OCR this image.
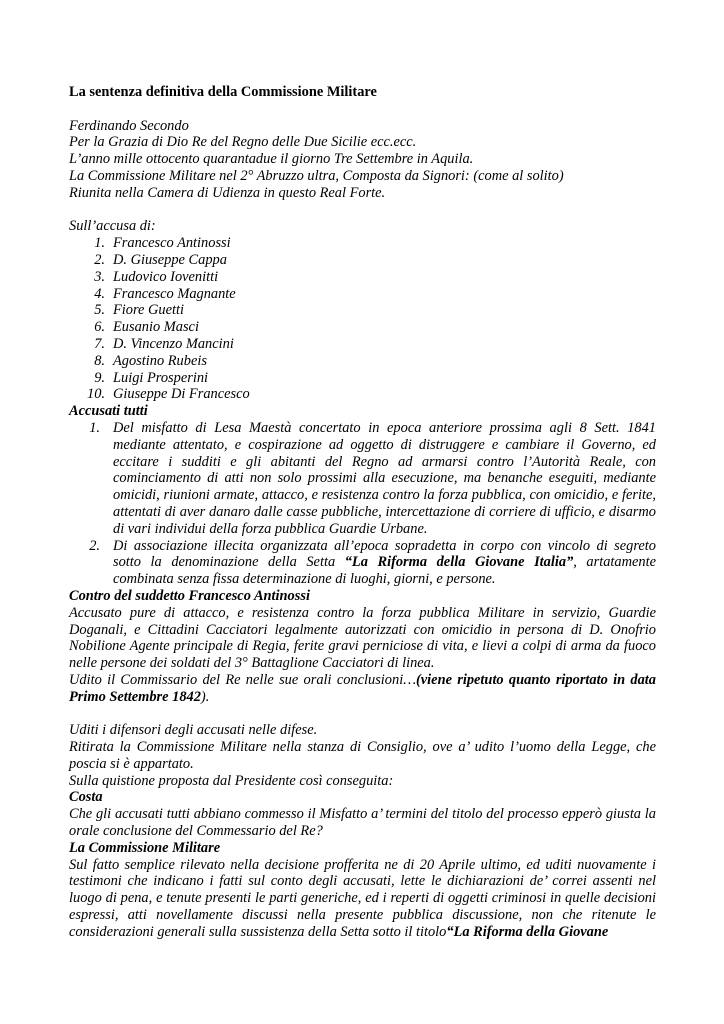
La sentenza definitiva della Commissione Militare

Ferdinando Secondo

Per la Grazia di Dio Re del Regno delle Due Sicilie ecc.ecc.

L’anno mille ottocento quarantadue il giorno Tre Settembre in Aquila.

La Commissione Militare nel 2° Abruzzo ultra, Composta da Signori: (come al solito)

Riunita nella Camera di Udienza in questo Real Forte.

Sull’accusa di:

1. Francesco Antinossi
2. D. Giuseppe Cappa
3. Ludovico Iovenitti
4. Francesco Magnante
5. Fiore Guetti
6. Eusanio Masci
7. D. Vincenzo Mancini
8. Agostino Rubeis
9. Luigi Prosperini
10. Giuseppe Di Francesco

Accusati tutti

1. Del misfatto di Lesa Maestà concertato in epoca anteriore prossima agli 8 Sett. 1841 mediante attentato, e cospirazione ad oggetto di distruggere e cambiare il Governo, ed eccitare i sudditi e gli abitanti del Regno ad armarsi contro l’Autorità Reale, con cominciamento di atti non solo prossimi alla esecuzione, ma benanche eseguiti, mediante omicidi, riunioni armate, attacco, e resistenza contro la forza pubblica, con omicidio, e ferite, attentati di aver danaro dalle casse pubbliche, intercettazione di corriere di ufficio, e disarmo di vari individui della forza pubblica Guardie Urbane.
2. Di associazione illecita organizzata all’epoca sopradetta in corpo con vincolo di segreto sotto la denominazione della Setta “La Riforma della Giovane Italia”, artatamente combinata senza fissa determinazione di luoghi, giorni, e persone.

Contro del suddetto Francesco Antinossi

Accusato pure di attacco, e resistenza contro la forza pubblica Militare in servizio, Guardie Doganali, e Cittadini Cacciatori legalmente autorizzati con omicidio in persona di D. Onofrio Nobilione Agente principale di Regia, ferite gravi perniciose di vita, e lievi a colpi di arma da fuoco nelle persone dei soldati del 3° Battaglione Cacciatori di linea.

Udito il Commissario del Re nelle sue orali conclusioni…(viene ripetuto quanto riportato in data Primo Settembre 1842).

Uditi i difensori degli accusati nelle difese.

Ritirata la Commissione Militare nella stanza di Consiglio, ove a’ udito l’uomo della Legge, che poscia si è appartato.

Sulla quistione proposta dal Presidente così conseguita:

Costa

Che gli accusati tutti abbiano commesso il Misfatto a’ termini del titolo del processo epperò giusta la orale conclusione del Commessario del Re?

La Commissione Militare

Sul fatto semplice rilevato nella decisione profferita ne di 20 Aprile ultimo, ed uditi nuovamente i testimoni che indicano i fatti sul conto degli accusati, lette le dichiarazioni de’ correi assenti nel luogo di pena, e tenute presenti le parti generiche, ed i reperti di oggetti criminosi in quelle decisioni espressi, atti novellamente discussi nella presente pubblica discussione, non che ritenute le considerazioni generali sulla sussistenza della Setta sotto il titolo“La Riforma della Giovane
